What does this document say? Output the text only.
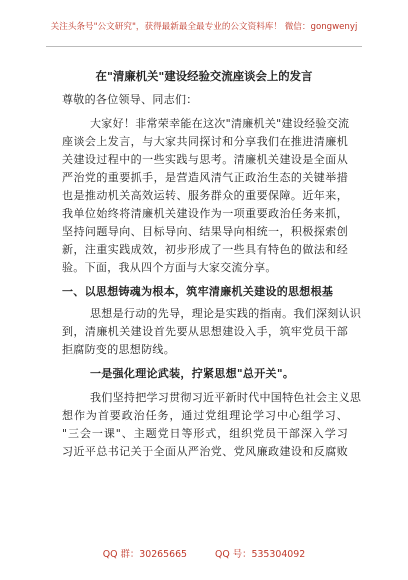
关注头条号"公文研究"，获得最新最全最专业的公文资料库！ 微信：gongwenyj
在"清廉机关"建设经验交流座谈会上的发言
尊敬的各位领导、同志们：
大家好！非常荣幸能在这次"清廉机关"建设经验交流
座谈会上发言，与大家共同探讨和分享我们在推进清廉机
关建设过程中的一些实践与思考。清廉机关建设是全面从
严治党的重要抓手，是营造风清气正政治生态的关键举措
也是推动机关高效运转、服务群众的重要保障。近年来，
我单位始终将清廉机关建设作为一项重要政治任务来抓，
坚持问题导向、目标导向、结果导向相统一，积极探索创
新，注重实践成效，初步形成了一些具有特色的做法和经
验。下面，我从四个方面与大家交流分享。
一、以思想铸魂为根本，筑牢清廉机关建设的思想根基
思想是行动的先导，理论是实践的指南。我们深刻认识
到，清廉机关建设首先要从思想建设入手，筑牢党员干部
拒腐防变的思想防线。
一是强化理论武装，拧紧思想"总开关"。
我们坚持把学习贯彻习近平新时代中国特色社会主义思
想作为首要政治任务，通过党组理论学习中心组学习、
"三会一课"、主题党日等形式，组织党员干部深入学习
习近平总书记关于全面从严治党、党风廉政建设和反腐败
QQ 群：30265665	QQ 号：535304092
